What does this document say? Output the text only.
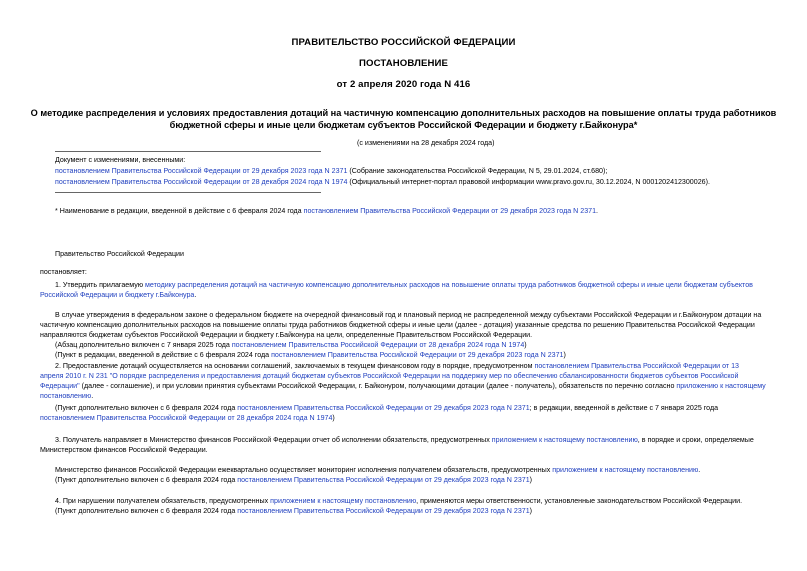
ПРАВИТЕЛЬСТВО РОССИЙСКОЙ ФЕДЕРАЦИИ
ПОСТАНОВЛЕНИЕ
от 2 апреля 2020 года N 416
О методике распределения и условиях предоставления дотаций на частичную компенсацию дополнительных расходов на повышение оплаты труда работников
бюджетной сферы и иные цели бюджетам субъектов Российской Федерации и бюджету г.Байконура*
(с изменениями на 28 декабря 2024 года)
Документ с изменениями, внесенными:
постановлением Правительства Российской Федерации от 29 декабря 2023 года N 2371 (Собрание законодательства Российской Федерации, N 5, 29.01.2024, ст.680);
постановлением Правительства Российской Федерации от 28 декабря 2024 года N 1974 (Официальный интернет-портал правовой информации www.pravo.gov.ru, 30.12.2024, N 0001202412300026).
* Наименование в редакции, введенной в действие с 6 февраля 2024 года постановлением Правительства Российской Федерации от 29 декабря 2023 года N 2371.
Правительство Российской Федерации
постановляет:
1. Утвердить прилагаемую методику распределения дотаций на частичную компенсацию дополнительных расходов на повышение оплаты труда работников бюджетной сферы и иные цели бюджетам субъектов
Российской Федерации и бюджету г.Байконура.
В случае утверждения в федеральном законе о федеральном бюджете на очередной финансовый год и плановый период не распределенной между субъектами Российской Федерации и г.Байконуром дотации на
частичную компенсацию дополнительных расходов на повышение оплаты труда работников бюджетной сферы и иные цели (далее - дотация) указанные средства по решению Правительства Российской Федерации
направляются бюджетам субъектов Российской Федерации и бюджету г.Байконура на цели, определенные Правительством Российской Федерации.
(Абзац дополнительно включен с 7 января 2025 года постановлением Правительства Российской Федерации от 28 декабря 2024 года N 1974)
(Пункт в редакции, введенной в действие с 6 февраля 2024 года постановлением Правительства Российской Федерации от 29 декабря 2023 года N 2371)
2. Предоставление дотаций осуществляется на основании соглашений, заключаемых в текущем финансовом году в порядке, предусмотренном постановлением Правительства Российской Федерации от 13
апреля 2010 г. N 231 "О порядке распределения и предоставления дотаций бюджетам субъектов Российской Федерации на поддержку мер по обеспечению сбалансированности бюджетов субъектов Российской
Федерации" (далее - соглашение), и при условии принятия субъектами Российской Федерации, г. Байконуром, получающими дотации (далее - получатель), обязательств по перечню согласно приложению к настоящему
постановлению.
(Пункт дополнительно включен с 6 февраля 2024 года постановлением Правительства Российской Федерации от 29 декабря 2023 года N 2371; в редакции, введенной в действие с 7 января 2025 года
постановлением Правительства Российской Федерации от 28 декабря 2024 года N 1974)
3. Получатель направляет в Министерство финансов Российской Федерации отчет об исполнении обязательств, предусмотренных приложением к настоящему постановлению, в порядке и сроки, определяемые
Министерством финансов Российской Федерации.
Министерство финансов Российской Федерации ежеквартально осуществляет мониторинг исполнения получателем обязательств, предусмотренных приложением к настоящему постановлению.
(Пункт дополнительно включен с 6 февраля 2024 года постановлением Правительства Российской Федерации от 29 декабря 2023 года N 2371)
4. При нарушении получателем обязательств, предусмотренных приложением к настоящему постановлению, применяются меры ответственности, установленные законодательством Российской Федерации.
(Пункт дополнительно включен с 6 февраля 2024 года постановлением Правительства Российской Федерации от 29 декабря 2023 года N 2371)
